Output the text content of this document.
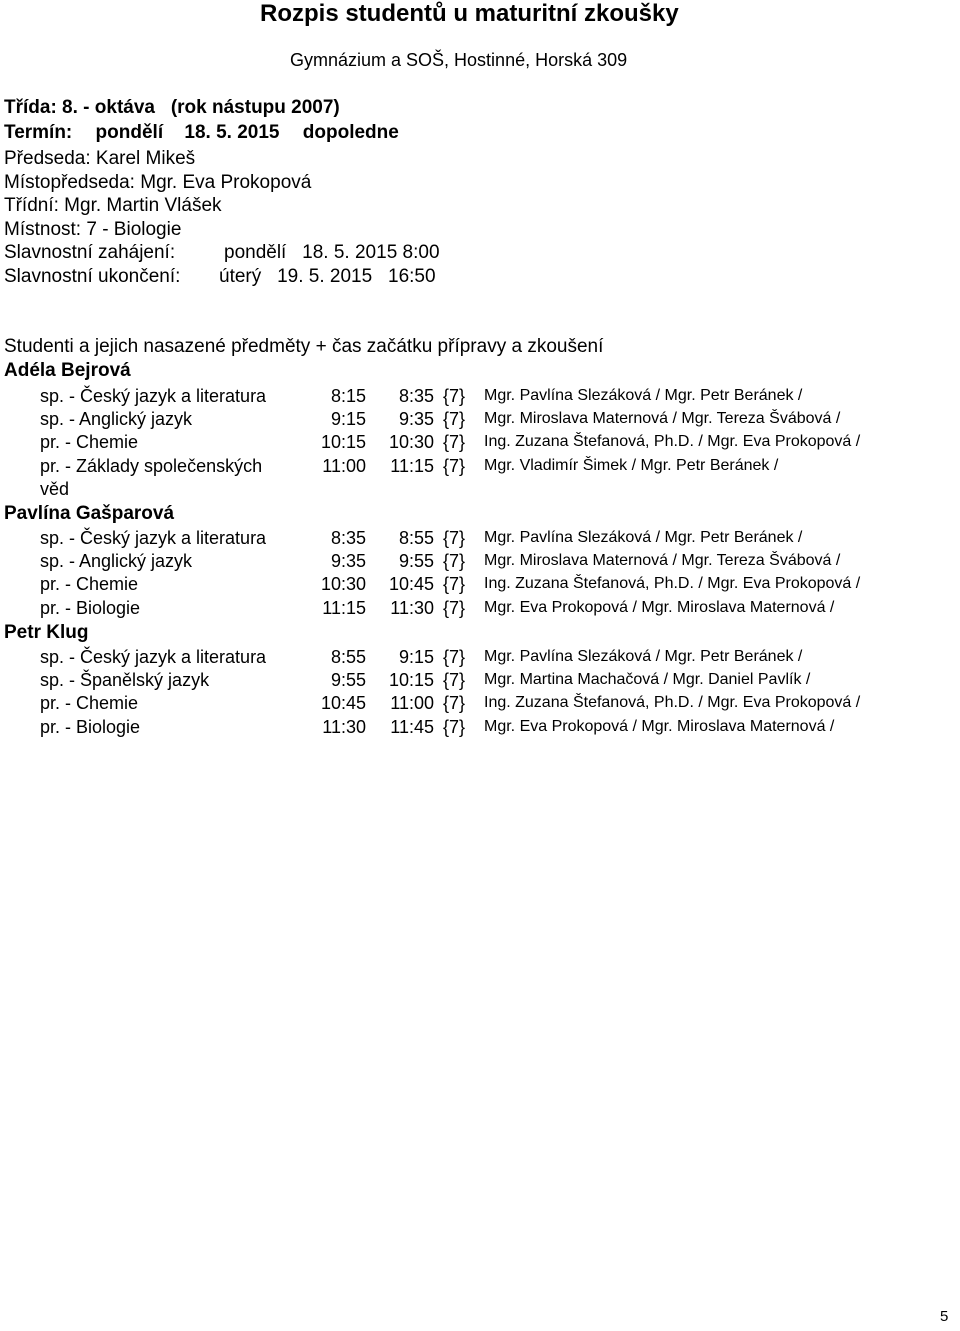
Rozpis studentů u maturitní zkoušky
Gymnázium a SOŠ, Hostinné, Horská 309
Třída: 8. - oktáva   (rok nástupu 2007)
Termín: pondělí 18. 5. 2015 dopoledne
Předseda: Karel Mikeš
Místopředseda: Mgr. Eva Prokopová
Třídní: Mgr. Martin Vlášek
Místnost: 7 - Biologie
Slavnostní zahájení:	pondělí   18. 5. 2015 8:00
Slavnostní ukončení: úterý   19. 5. 2015   16:50
Studenti a jejich nasazené předměty + čas začátku přípravy a zkoušení
Adéla Bejrová
sp. - Český jazyk a literatura	8:15	8:35 {7} Mgr. Pavlína Slezáková / Mgr. Petr Beránek /
sp. - Anglický jazyk	9:15	9:35 {7} Mgr. Miroslava Maternová / Mgr. Tereza Švábová /
pr. - Chemie	10:15	10:30 {7} Ing. Zuzana Štefanová, Ph.D. / Mgr. Eva Prokopová /
pr. - Základy společenských	11:00	11:15 {7} Mgr. Vladimír Šimek / Mgr. Petr Beránek /
věd
Pavlína Gašparová
sp. - Český jazyk a literatura	8:35	8:55 {7} Mgr. Pavlína Slezáková / Mgr. Petr Beránek /
sp. - Anglický jazyk	9:35	9:55 {7} Mgr. Miroslava Maternová / Mgr. Tereza Švábová /
pr. - Chemie	10:30	10:45 {7} Ing. Zuzana Štefanová, Ph.D. / Mgr. Eva Prokopová /
pr. - Biologie	11:15	11:30 {7} Mgr. Eva Prokopová / Mgr. Miroslava Maternová /
Petr Klug
sp. - Český jazyk a literatura	8:55	9:15 {7} Mgr. Pavlína Slezáková / Mgr. Petr Beránek /
sp. - Španělský jazyk	9:55	10:15 {7} Mgr. Martina Machačová / Mgr. Daniel Pavlík /
pr. - Chemie	10:45	11:00 {7} Ing. Zuzana Štefanová, Ph.D. / Mgr. Eva Prokopová /
pr. - Biologie	11:30	11:45 {7} Mgr. Eva Prokopová / Mgr. Miroslava Maternová /
5
